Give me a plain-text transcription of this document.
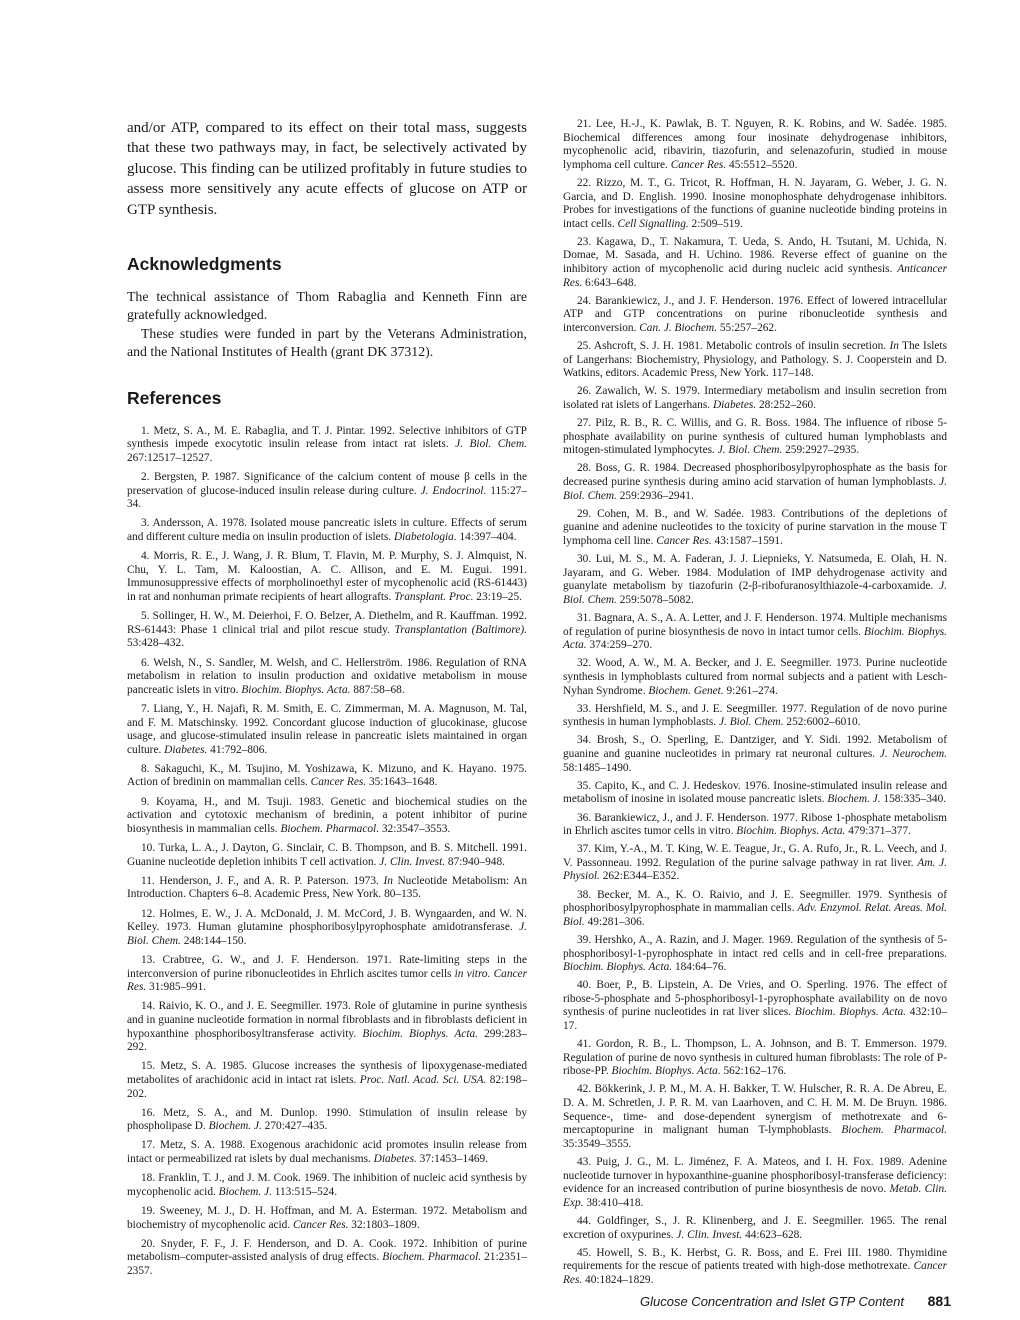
and/or ATP, compared to its effect on their total mass, suggests that these two pathways may, in fact, be selectively activated by glucose. This finding can be utilized profitably in future studies to assess more sensitively any acute effects of glucose on ATP or GTP synthesis.

Acknowledgments

The technical assistance of Thom Rabaglia and Kenneth Finn are gratefully acknowledged.

These studies were funded in part by the Veterans Administration, and the National Institutes of Health (grant DK 37312).

References
1. Metz, S. A., M. E. Rabaglia, and T. J. Pintar. 1992. Selective inhibitors of GTP synthesis impede exocytotic insulin release from intact rat islets. J. Biol. Chem. 267:12517–12527.
2. Bergsten, P. 1987. Significance of the calcium content of mouse β cells in the preservation of glucose-induced insulin release during culture. J. Endocrinol. 115:27–34.
3. Andersson, A. 1978. Isolated mouse pancreatic islets in culture. Effects of serum and different culture media on insulin production of islets. Diabetologia. 14:397–404.
4. Morris, R. E., J. Wang, J. R. Blum, T. Flavin, M. P. Murphy, S. J. Almquist, N. Chu, Y. L. Tam, M. Kaloostian, A. C. Allison, and E. M. Eugui. 1991. Immunosuppressive effects of morpholinoethyl ester of mycophenolic acid (RS-61443) in rat and nonhuman primate recipients of heart allografts. Transplant. Proc. 23:19–25.
5. Sollinger, H. W., M. Deierhoi, F. O. Belzer, A. Diethelm, and R. Kauffman. 1992. RS-61443: Phase 1 clinical trial and pilot rescue study. Transplantation (Baltimore). 53:428–432.
6. Welsh, N., S. Sandler, M. Welsh, and C. Hellerström. 1986. Regulation of RNA metabolism in relation to insulin production and oxidative metabolism in mouse pancreatic islets in vitro. Biochim. Biophys. Acta. 887:58–68.
7. Liang, Y., H. Najafi, R. M. Smith, E. C. Zimmerman, M. A. Magnuson, M. Tal, and F. M. Matschinsky. 1992. Concordant glucose induction of glucokinase, glucose usage, and glucose-stimulated insulin release in pancreatic islets maintained in organ culture. Diabetes. 41:792–806.
8. Sakaguchi, K., M. Tsujino, M. Yoshizawa, K. Mizuno, and K. Hayano. 1975. Action of bredinin on mammalian cells. Cancer Res. 35:1643–1648.
9. Koyama, H., and M. Tsuji. 1983. Genetic and biochemical studies on the activation and cytotoxic mechanism of bredinin, a potent inhibitor of purine biosynthesis in mammalian cells. Biochem. Pharmacol. 32:3547–3553.
10. Turka, L. A., J. Dayton, G. Sinclair, C. B. Thompson, and B. S. Mitchell. 1991. Guanine nucleotide depletion inhibits T cell activation. J. Clin. Invest. 87:940–948.
11. Henderson, J. F., and A. R. P. Paterson. 1973. In Nucleotide Metabolism: An Introduction. Chapters 6–8. Academic Press, New York. 80–135.
12. Holmes, E. W., J. A. McDonald, J. M. McCord, J. B. Wyngaarden, and W. N. Kelley. 1973. Human glutamine phosphoribosylpyrophosphate amidotransferase. J. Biol. Chem. 248:144–150.
13. Crabtree, G. W., and J. F. Henderson. 1971. Rate-limiting steps in the interconversion of purine ribonucleotides in Ehrlich ascites tumor cells in vitro. Cancer Res. 31:985–991.
14. Raivio, K. O., and J. E. Seegmiller. 1973. Role of glutamine in purine synthesis and in guanine nucleotide formation in normal fibroblasts and in fibroblasts deficient in hypoxanthine phosphoribosyltransferase activity. Biochim. Biophys. Acta. 299:283–292.
15. Metz, S. A. 1985. Glucose increases the synthesis of lipoxygenase-mediated metabolites of arachidonic acid in intact rat islets. Proc. Natl. Acad. Sci. USA. 82:198–202.
16. Metz, S. A., and M. Dunlop. 1990. Stimulation of insulin release by phospholipase D. Biochem. J. 270:427–435.
17. Metz, S. A. 1988. Exogenous arachidonic acid promotes insulin release from intact or permeabilized rat islets by dual mechanisms. Diabetes. 37:1453–1469.
18. Franklin, T. J., and J. M. Cook. 1969. The inhibition of nucleic acid synthesis by mycophenolic acid. Biochem. J. 113:515–524.
19. Sweeney, M. J., D. H. Hoffman, and M. A. Esterman. 1972. Metabolism and biochemistry of mycophenolic acid. Cancer Res. 32:1803–1809.
20. Snyder, F. F., J. F. Henderson, and D. A. Cook. 1972. Inhibition of purine metabolism–computer-assisted analysis of drug effects. Biochem. Pharmacol. 21:2351–2357.
21. Lee, H.-J., K. Pawlak, B. T. Nguyen, R. K. Robins, and W. Sadée. 1985. Biochemical differences among four inosinate dehydrogenase inhibitors, mycophenolic acid, ribavirin, tiazofurin, and selenazofurin, studied in mouse lymphoma cell culture. Cancer Res. 45:5512–5520.
22. Rizzo, M. T., G. Tricot, R. Hoffman, H. N. Jayaram, G. Weber, J. G. N. Garcia, and D. English. 1990. Inosine monophosphate dehydrogenase inhibitors. Probes for investigations of the functions of guanine nucleotide binding proteins in intact cells. Cell Signalling. 2:509–519.
23. Kagawa, D., T. Nakamura, T. Ueda, S. Ando, H. Tsutani, M. Uchida, N. Domae, M. Sasada, and H. Uchino. 1986. Reverse effect of guanine on the inhibitory action of mycophenolic acid during nucleic acid synthesis. Anticancer Res. 6:643–648.
24. Barankiewicz, J., and J. F. Henderson. 1976. Effect of lowered intracellular ATP and GTP concentrations on purine ribonucleotide synthesis and interconversion. Can. J. Biochem. 55:257–262.
25. Ashcroft, S. J. H. 1981. Metabolic controls of insulin secretion. In The Islets of Langerhans: Biochemistry, Physiology, and Pathology. S. J. Cooperstein and D. Watkins, editors. Academic Press, New York. 117–148.
26. Zawalich, W. S. 1979. Intermediary metabolism and insulin secretion from isolated rat islets of Langerhans. Diabetes. 28:252–260.
27. Pilz, R. B., R. C. Willis, and G. R. Boss. 1984. The influence of ribose 5-phosphate availability on purine synthesis of cultured human lymphoblasts and mitogen-stimulated lymphocytes. J. Biol. Chem. 259:2927–2935.
28. Boss, G. R. 1984. Decreased phosphoribosylpyrophosphate as the basis for decreased purine synthesis during amino acid starvation of human lymphoblasts. J. Biol. Chem. 259:2936–2941.
29. Cohen, M. B., and W. Sadée. 1983. Contributions of the depletions of guanine and adenine nucleotides to the toxicity of purine starvation in the mouse T lymphoma cell line. Cancer Res. 43:1587–1591.
30. Lui, M. S., M. A. Faderan, J. J. Liepnieks, Y. Natsumeda, E. Olah, H. N. Jayaram, and G. Weber. 1984. Modulation of IMP dehydrogenase activity and guanylate metabolism by tiazofurin (2-β-ribofuranosylthiazole-4-carboxamide. J. Biol. Chem. 259:5078–5082.
31. Bagnara, A. S., A. A. Letter, and J. F. Henderson. 1974. Multiple mechanisms of regulation of purine biosynthesis de novo in intact tumor cells. Biochim. Biophys. Acta. 374:259–270.
32. Wood, A. W., M. A. Becker, and J. E. Seegmiller. 1973. Purine nucleotide synthesis in lymphoblasts cultured from normal subjects and a patient with Lesch-Nyhan Syndrome. Biochem. Genet. 9:261–274.
33. Hershfield, M. S., and J. E. Seegmiller. 1977. Regulation of de novo purine synthesis in human lymphoblasts. J. Biol. Chem. 252:6002–6010.
34. Brosh, S., O. Sperling, E. Dantziger, and Y. Sidi. 1992. Metabolism of guanine and guanine nucleotides in primary rat neuronal cultures. J. Neurochem. 58:1485–1490.
35. Capito, K., and C. J. Hedeskov. 1976. Inosine-stimulated insulin release and metabolism of inosine in isolated mouse pancreatic islets. Biochem. J. 158:335–340.
36. Barankiewicz, J., and J. F. Henderson. 1977. Ribose 1-phosphate metabolism in Ehrlich ascites tumor cells in vitro. Biochim. Biophys. Acta. 479:371–377.
37. Kim, Y.-A., M. T. King, W. E. Teague, Jr., G. A. Rufo, Jr., R. L. Veech, and J. V. Passonneau. 1992. Regulation of the purine salvage pathway in rat liver. Am. J. Physiol. 262:E344–E352.
38. Becker, M. A., K. O. Raivio, and J. E. Seegmiller. 1979. Synthesis of phosphoribosylpyrophosphate in mammalian cells. Adv. Enzymol. Relat. Areas. Mol. Biol. 49:281–306.
39. Hershko, A., A. Razin, and J. Mager. 1969. Regulation of the synthesis of 5-phosphoribosyl-1-pyrophosphate in intact red cells and in cell-free preparations. Biochim. Biophys. Acta. 184:64–76.
40. Boer, P., B. Lipstein, A. De Vries, and O. Sperling. 1976. The effect of ribose-5-phosphate and 5-phosphoribosyl-1-pyrophosphate availability on de novo synthesis of purine nucleotides in rat liver slices. Biochim. Biophys. Acta. 432:10–17.
41. Gordon, R. B., L. Thompson, L. A. Johnson, and B. T. Emmerson. 1979. Regulation of purine de novo synthesis in cultured human fibroblasts: The role of P-ribose-PP. Biochim. Biophys. Acta. 562:162–176.
42. Bökkerink, J. P. M., M. A. H. Bakker, T. W. Hulscher, R. R. A. De Abreu, E. D. A. M. Schretlen, J. P. R. M. van Laarhoven, and C. H. M. M. De Bruyn. 1986. Sequence-, time- and dose-dependent synergism of methotrexate and 6-mercaptopurine in malignant human T-lymphoblasts. Biochem. Pharmacol. 35:3549–3555.
43. Puig, J. G., M. L. Jiménez, F. A. Mateos, and I. H. Fox. 1989. Adenine nucleotide turnover in hypoxanthine-guanine phosphoribosyl-transferase deficiency: evidence for an increased contribution of purine biosynthesis de novo. Metab. Clin. Exp. 38:410–418.
44. Goldfinger, S., J. R. Klinenberg, and J. E. Seegmiller. 1965. The renal excretion of oxypurines. J. Clin. Invest. 44:623–628.
45. Howell, S. B., K. Herbst, G. R. Boss, and E. Frei III. 1980. Thymidine requirements for the rescue of patients treated with high-dose methotrexate. Cancer Res. 40:1824–1829.
Glucose Concentration and Islet GTP Content 881
